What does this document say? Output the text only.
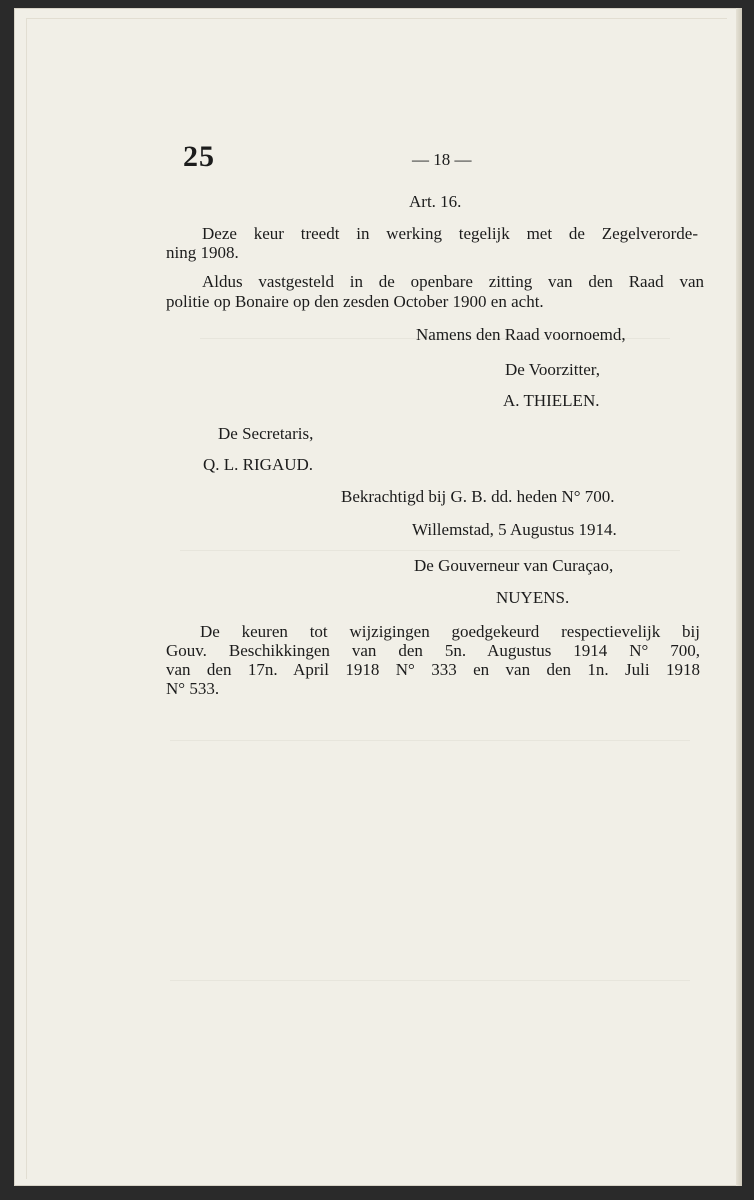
25	— 18 —
Art. 16.
Deze keur treedt in werking tegelijk met de Zegelverorde-
ning 1908.
Aldus vastgesteld in de openbare zitting van den Raad van
politie op Bonaire op den zesden October 1900 en acht.
Namens den Raad voornoemd,
De Voorzitter,
A. THIELEN.
De Secretaris,
Q. L. RIGAUD.
Bekrachtigd bij G. B. dd. heden N° 700.
Willemstad, 5 Augustus 1914.
De Gouverneur van Curaçao,
NUYENS.
De keuren tot wijzigingen goedgekeurd respectievelijk bij
Gouv. Beschikkingen van den 5n. Augustus 1914 N° 700,
van den 17n. April 1918 N° 333 en van den 1n. Juli 1918
N° 533.
